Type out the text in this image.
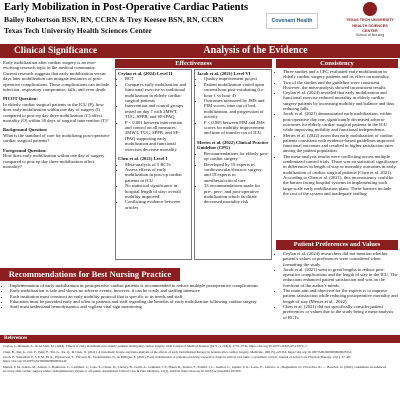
Early Mobilization in Post-Operative Cardiac Patients
Bailey Robertson BSN, RN, CCRN & Trey Keesee BSN, RN, CCRN
Texas Tech University Health Sciences Center
Covenant Health	TEXAS TECH UNIVERSITY
HEALTH SCIENCES CENTER
School of Nursing
Clinical Significance	Analysis of the Evidence

Early mobilization after cardiac surgery is an ever-evolving research topic in the medical community. Current research suggests that early mobilization versus days later mobilization can mitigate instances of post-operative complications. These complications can include infection, respiratory compromise, falls, and even death.

PICOT Question:

In elderly cardiac surgical patients in the ICU (P), how does early mobilization within one day of surgery (I) compared to post-op day three mobilization (C) affect mortality (O) within 30 days of surgical intervention (T)?

Background Question:

What is the standard of care for mobilizing post-operative cardiac surgical patients?

Foreground Question:

How does early mobilization within one day of surgery compared to post op day three mobilization affect mortality?

Effectiveness	Consistency

Ceylan et al. (2024) Level II

• RCT
• Compares early mobilization and functional exercise vs traditional mobilization in elderly cardiac surgical patients
• Intervention and control groups tested on day 7 with 2MWT, TUG, SPPB, and SF-IPAQ
• P < 0.001 between intervention and control on all measures: 2MWT, TUG, SPPB, and SF-IPAQ supporting early mobilization and functional exercises decrease mortality

Chen et al. (2021) Level I

• Meta-analysis of 5 RCTs
• Assess effects of early mobilization in post-op cardiac patients in ICU
• No statistical significance in hospital length of stay; overall mobility improved
• Conflicting evidence between articles

Jacob et al. (2021) Level VI

• Quality improvement project
• Patient mobilization varied upon current hour post-extubating (i.e. hour 1 vs hour 4)
• Outcomes measured by JMS and FIM scores, time out of bed, mobilization, and progression of activity
• P < 0.005 between FIM and JMS scores for mobility improvement and time of transfer out of ICU

Mertes et al. (2022) Clinical Practice Guideline (CPG)

• Recommendations for elderly post-op cardiac surgery
• Developed by 19 experts in cardiovascular/thoracic surgery and 18 experts in anesthesia/critical care
• 33 recommendations made for pre-, peri-, and post-operative mobilization which facilitate decreased mortality risk
• Three studies and a CPG evaluated early mobilization in elderly cardiac surgery patients and its effect on mortality.
• Two of the studies and the guideline were consistent. However, the meta-analysis showed inconsistent results.
• Ceylan et al. (2024) revealed that early mobilization and functional exercise reduced mortality in elderly cardiac surgery patients by increasing mobility and balance and thus reducing falls.
• Jacob et al. (2021) demonstrated early mobilization, within post-operative day one, significantly decreased adverse outcomes for elderly cardiac surgical patients in the ICU while improving mobility and functional independence.
• Mertes et al. (2022) assert that early mobilization of cardiac patients consistent with evidence-based guidelines improved functional outcomes and resulted in higher satisfaction rates among the patient population.
• The meta-analysis results were conflicting across multiple randomized control trials. There was no statistical significance in differences in length of stay or mortality outcomes in early mobilization of cardiac surgical patients (Chen et al. 2021). According to Chen et al. (2021), this inconsistency could be the barrier facing hospital systems in implementing such large-scale early mobilization plans. These barriers include the cost of the system and inadequate staffing
Patient Preferences and Values
• Ceylan et al. (2024) researchers did not mention whether patient's values or preferences were considered when formatting the study.
• Jacob et al. (2021) went to great lengths to reduce post-operative complications and the length of stay in the ICU. The reductions enhanced patient satisfaction and was on the forefront of the author's minds.
• The main aim and objective for the experts is to improve patient satisfaction while reducing postoperative mortality and length of stay (Mertes et al., 2022)
• Chen et al. (2021) did not specifically consider patient preferences or values due to the study being a meta-analysis of RCTs.
Recommendations for Best Nursing Practice
• Implementation of early mobilization in postoperative cardiac patients is recommended to reduce multiple postoperative complications
• Early mobilization is safe and shows no adverse events; however, it can be costly and staffing intensive
• Each institution must construct an early mobility protocol that is specific to its needs and staff
• Education must be provided early and often to patients and staff regarding the benefits of early mobilization following cardiac surgery
• Staff must understand hemodynamics and vigilant vital sign monitoring
References

Ceylan, İ., Mentesh, A., & Al-Jaidi, M. (2024). Effects of early mobilization in elderly patients undergoing cardiac surgery. Irish Journal of Medical Science (1971 -), 193(4), 2731–2744. https://doi.org/10.1007/s11845-024-03711-7

Chen, B., Xie, G., Lin, Y., Peng, F., Shi, G., Xu, Q., & Chen, X. (2021). A systematic review and meta-analysis of the effects of early mobilization therapy in patients after cardiac surgery. Medicine, 100(15), e25314. https://doi.org/10.1097/MD.0000000000025314

Jacob, P., Surendran, P. J., E M, M. A., Papasavvas, T., Praveen, R., Swaminathan, N., & Milligan, F. (2021). Early mobilization of patients receiving vasoactive drugs in critical care units: a systematic review. Journal of Acute Care Physical Therapy, 12(1), 37–48. https://doi.org/10.1097/JAT.0000000000000140

Mertes, P. M., Kindo, M., Amour, J., Baufreton, C., Camilleri, L., Caus, T., Chatel, D., Cholley, B., Curtil, A., Grimaud, J. P., Houel, R., Kattou, F., Fellahi, J. L., Guidon, C., Guinot, P. G., Lorne, E., Lefevre, G., Meguentini, O., Pirracchio, R., … Bouchot, O. (2022). Guidelines on enhanced recovery after cardiac surgery under cardiopulmonary bypass or off-pump. Anaesthesia Critical Care & Pain Medicine, 41(3), 101059. https://doi.org/10.1016/j.accpm.2022.101059
